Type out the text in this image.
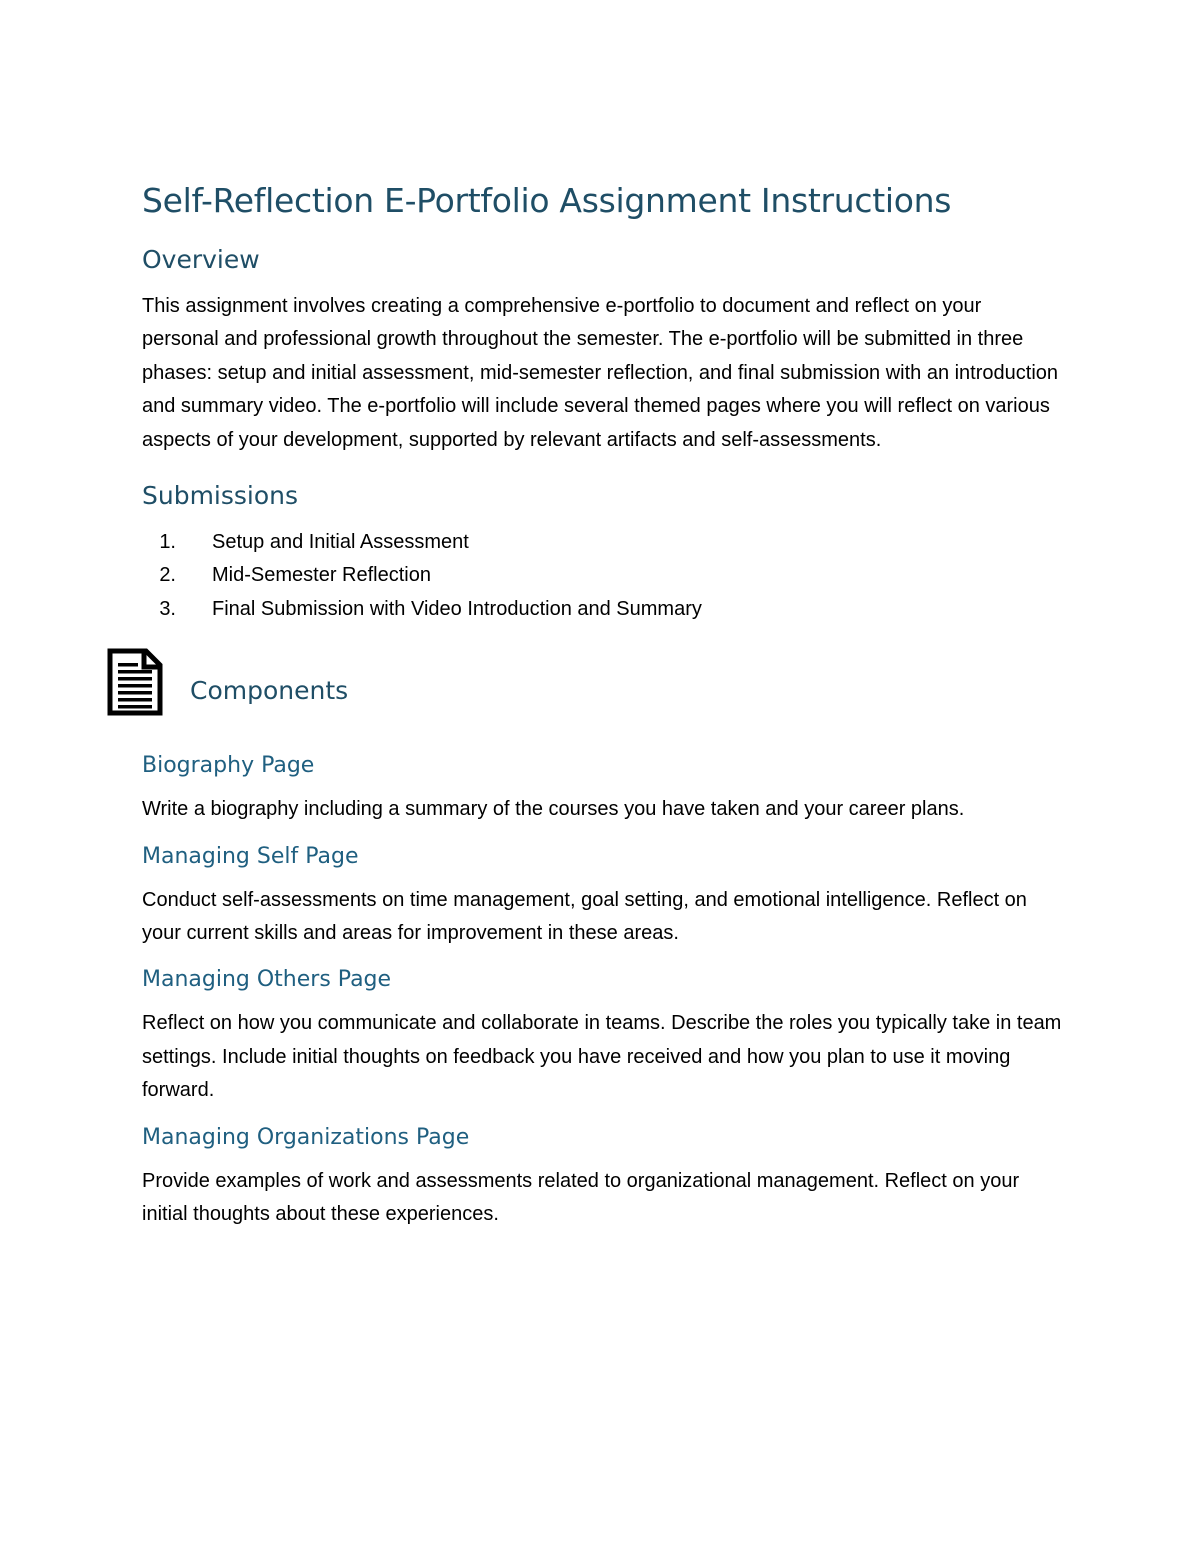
Self-Reflection E-Portfolio Assignment Instructions
Overview

This assignment involves creating a comprehensive e-portfolio to document and reflect on your personal and professional growth throughout the semester. The e-portfolio will be submitted in three phases: setup and initial assessment, mid-semester reflection, and final submission with an introduction and summary video. The e-portfolio will include several themed pages where you will reflect on various aspects of your development, supported by relevant artifacts and self-assessments.

Submissions
1. Setup and Initial Assessment
2. Mid-Semester Reflection
3. Final Submission with Video Introduction and Summary
Components
Biography Page

Write a biography including a summary of the courses you have taken and your career plans.

Managing Self Page

Conduct self-assessments on time management, goal setting, and emotional intelligence. Reflect on your current skills and areas for improvement in these areas.

Managing Others Page

Reflect on how you communicate and collaborate in teams. Describe the roles you typically take in team settings. Include initial thoughts on feedback you have received and how you plan to use it moving forward.

Managing Organizations Page

Provide examples of work and assessments related to organizational management. Reflect on your initial thoughts about these experiences.
